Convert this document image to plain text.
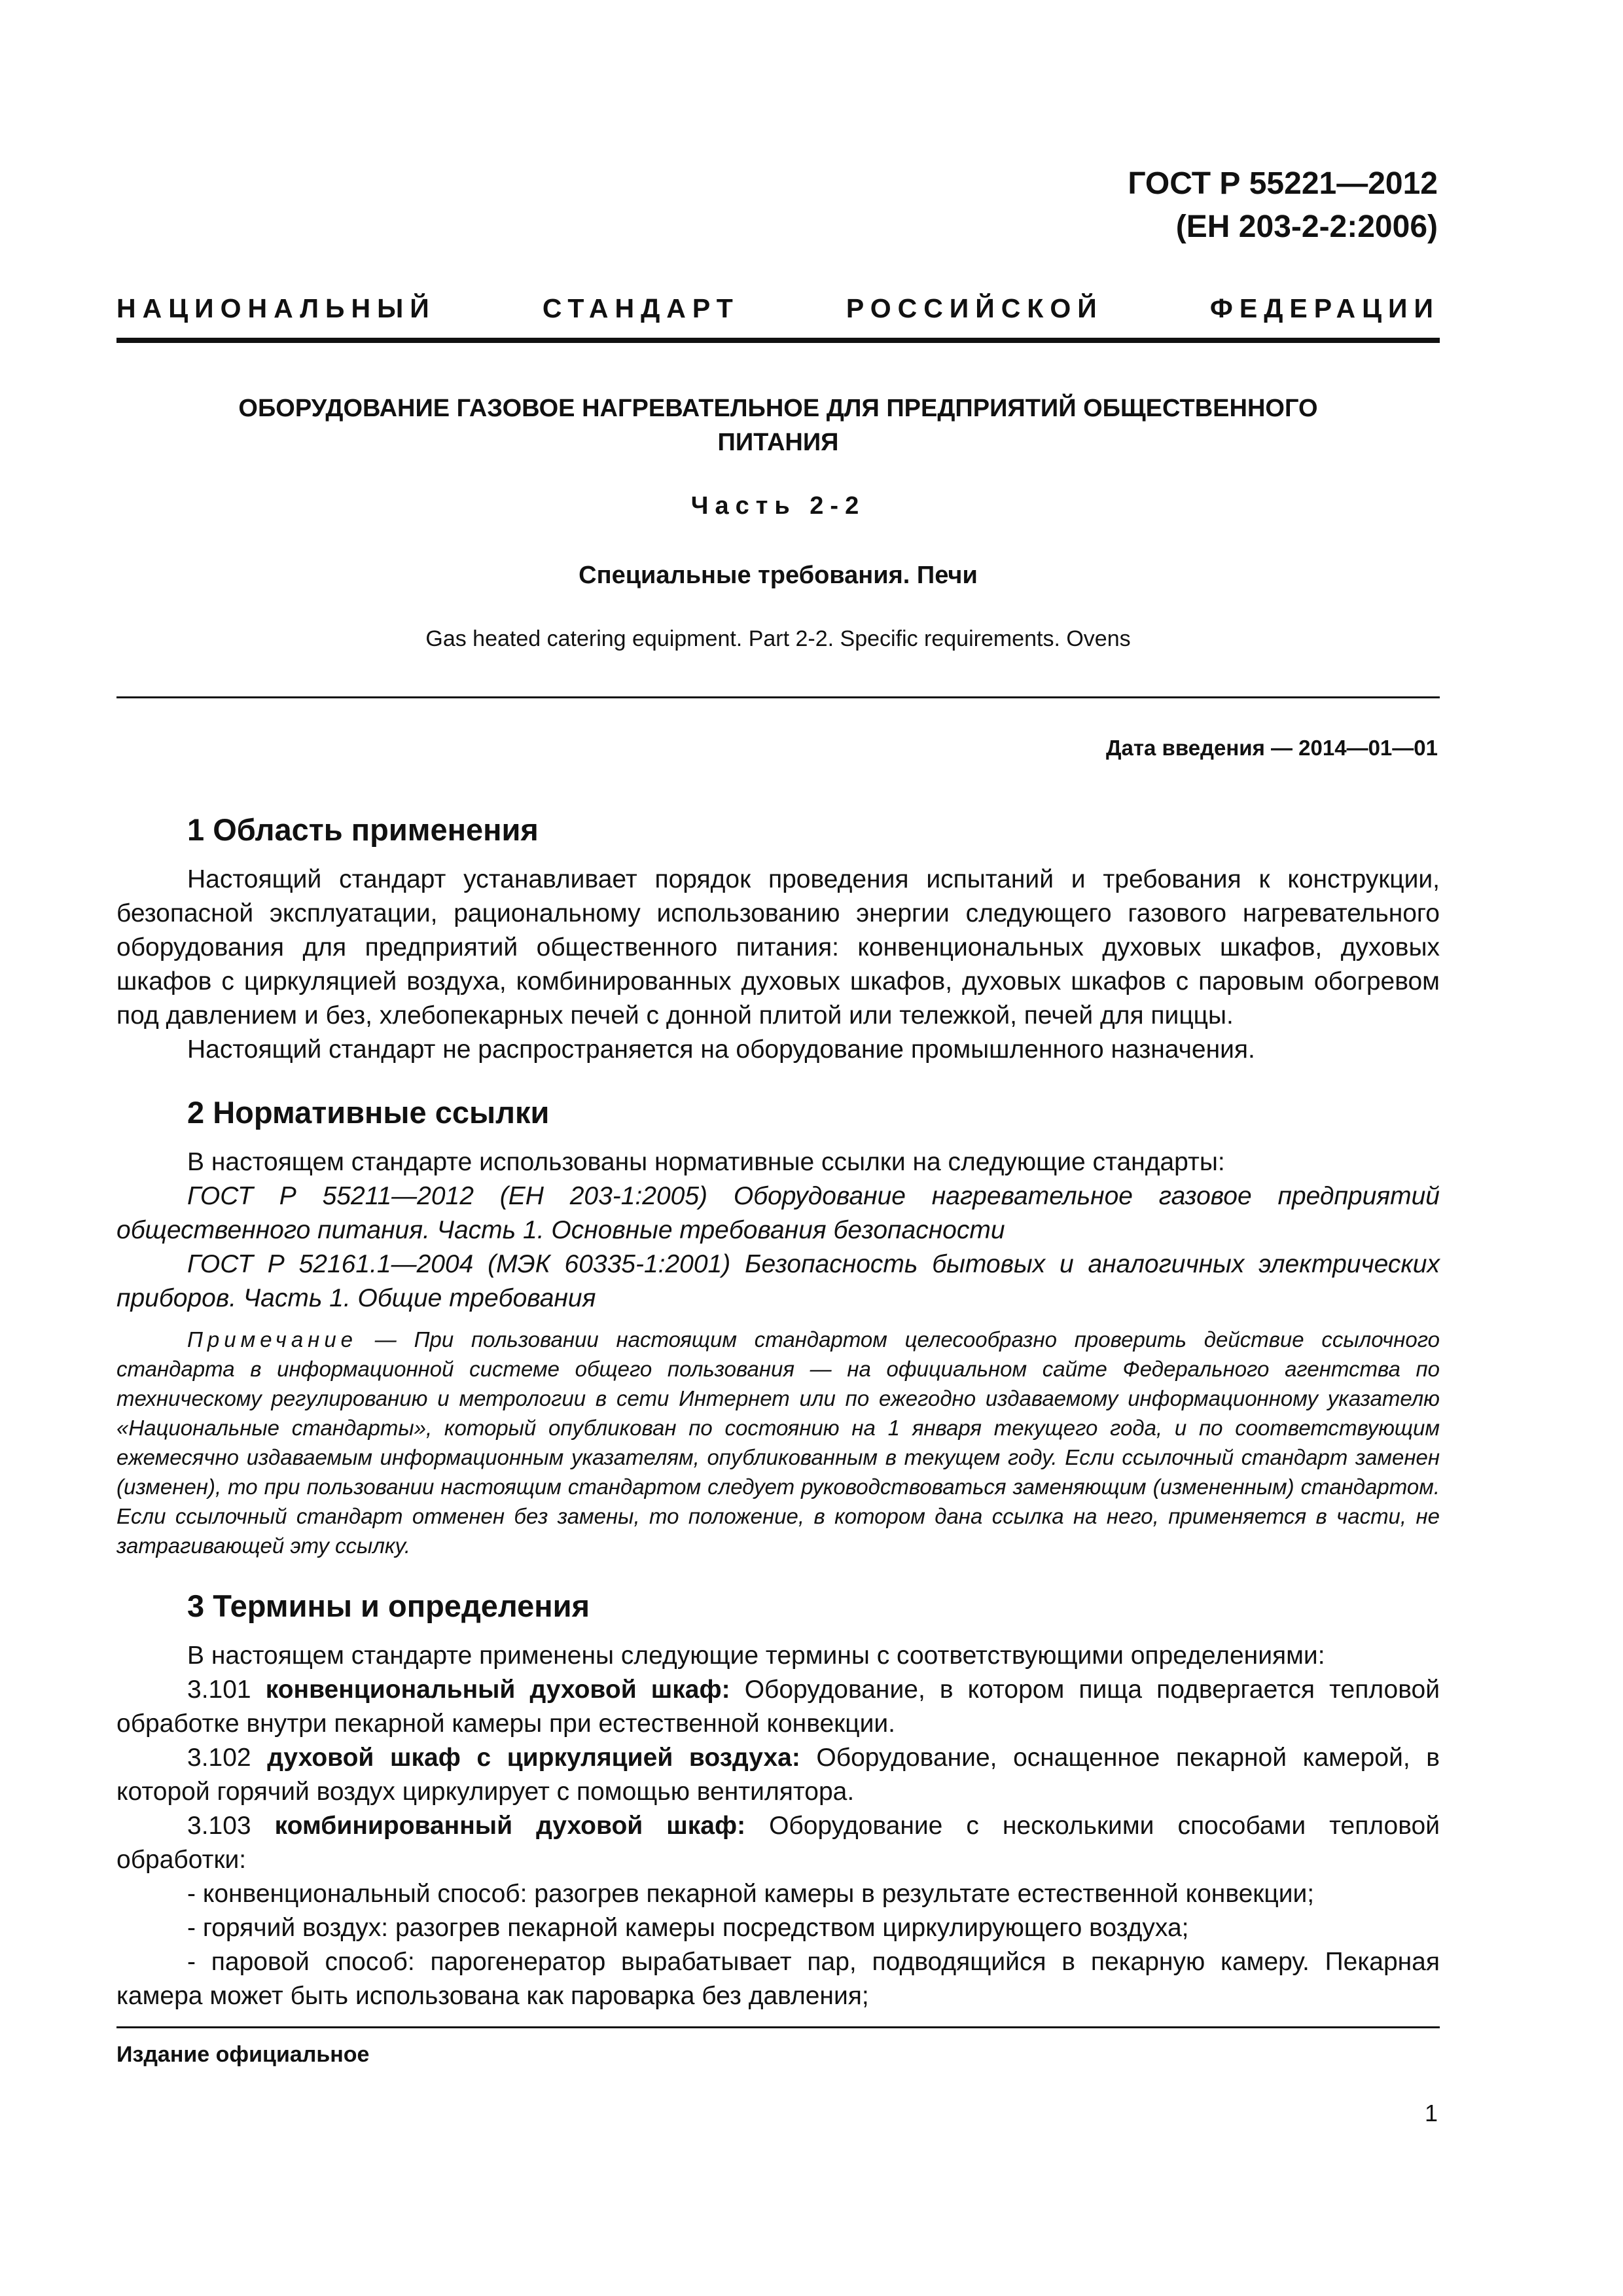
ГОСТ Р 55221—2012
(ЕН 203-2-2:2006)
НАЦИОНАЛЬНЫЙ СТАНДАРТ РОССИЙСКОЙ ФЕДЕРАЦИИ
ОБОРУДОВАНИЕ ГАЗОВОЕ НАГРЕВАТЕЛЬНОЕ ДЛЯ ПРЕДПРИЯТИЙ ОБЩЕСТВЕННОГО
ПИТАНИЯ
Часть 2-2
Специальные требования. Печи
Gas heated catering equipment. Part 2-2. Specific requirements. Ovens
Дата введения — 2014—01—01
1 Область применения

Настоящий стандарт устанавливает порядок проведения испытаний и требования к конструкции, безопасной эксплуатации, рациональному использованию энергии следующего газового нагревательного оборудования для предприятий общественного питания: конвенциональных духовых шкафов, духовых шкафов с циркуляцией воздуха, комбинированных духовых шкафов, духовых шкафов с паровым обогревом под давлением и без, хлебопекарных печей с донной плитой или тележкой, печей для пиццы.

Настоящий стандарт не распространяется на оборудование промышленного назначения.

2 Нормативные ссылки

В настоящем стандарте использованы нормативные ссылки на следующие стандарты:

ГОСТ Р 55211—2012 (ЕН 203-1:2005) Оборудование нагревательное газовое предприятий общественного питания. Часть 1. Основные требования безопасности

ГОСТ Р 52161.1—2004 (МЭК 60335-1:2001) Безопасность бытовых и аналогичных электрических приборов. Часть 1. Общие требования

Примечание — При пользовании настоящим стандартом целесообразно проверить действие ссылочного стандарта в информационной системе общего пользования — на официальном сайте Федерального агентства по техническому регулированию и метрологии в сети Интернет или по ежегодно издаваемому информационному указателю «Национальные стандарты», который опубликован по состоянию на 1 января текущего года, и по соответствующим ежемесячно издаваемым информационным указателям, опубликованным в текущем году. Если ссылочный стандарт заменен (изменен), то при пользовании настоящим стандартом следует руководствоваться заменяющим (измененным) стандартом. Если ссылочный стандарт отменен без замены, то положение, в котором дана ссылка на него, применяется в части, не затрагивающей эту ссылку.
3 Термины и определения

В настоящем стандарте применены следующие термины с соответствующими определениями:

3.101 конвенциональный духовой шкаф: Оборудование, в котором пища подвергается тепловой обработке внутри пекарной камеры при естественной конвекции.

3.102 духовой шкаф с циркуляцией воздуха: Оборудование, оснащенное пекарной камерой, в которой горячий воздух циркулирует с помощью вентилятора.

3.103 комбинированный духовой шкаф: Оборудование с несколькими способами тепловой обработки:

- конвенциональный способ: разогрев пекарной камеры в результате естественной конвекции;

- горячий воздух: разогрев пекарной камеры посредством циркулирующего воздуха;

- паровой способ: парогенератор вырабатывает пар, подводящийся в пекарную камеру. Пекарная камера может быть использована как пароварка без давления;

Издание официальное
1
